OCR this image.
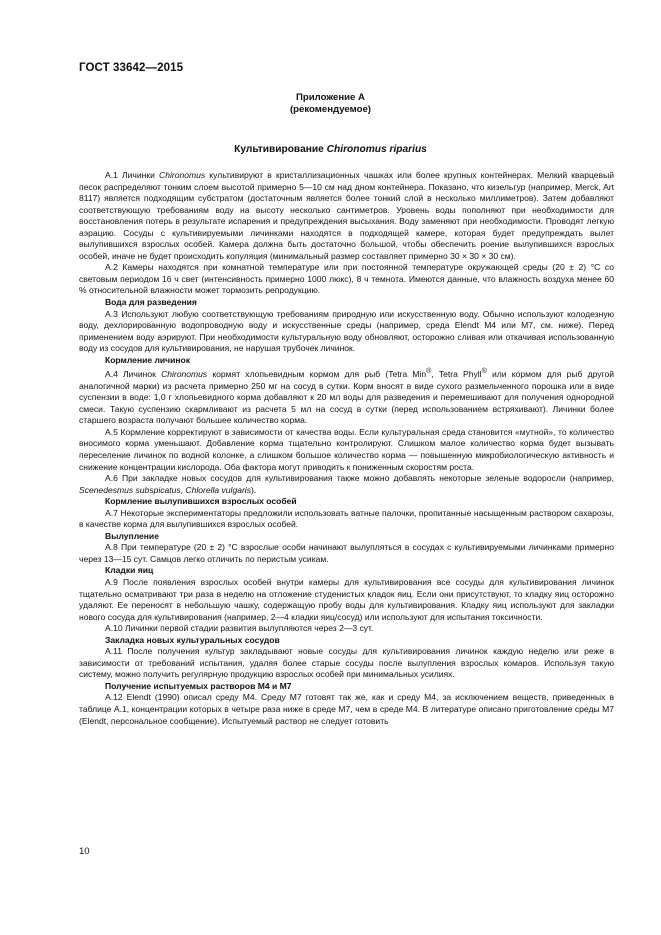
ГОСТ 33642—2015
Приложение А
(рекомендуемое)
Культивирование Chironomus riparius

А.1 Личинки Chironomus культивируют в кристаллизационных чашках или более крупных контейнерах. Мелкий кварцевый песок распределяют тонким слоем высотой примерно 5—10 см над дном контейнера. Показано, что кизельгур (например, Merck, Art 8117) является подходящим субстратом (достаточным является более тонкий слой в несколько миллиметров). Затем добавляют соответствующую требованиям воду на высоту несколько сантиметров. Уровень воды пополняют при необходимости для восстановления потерь в результате испарения и предупреждения высыхания. Воду заменяют при необходимости. Проводят легкую аэрацию. Сосуды с культивируемыми личинками находятся в подходящей камере, которая будет предупреждать вылет вылупившихся взрослых особей. Камера должна быть достаточно большой, чтобы обеспечить роение вылупившихся взрослых особей, иначе не будет происходить копуляция (минимальный размер составляет примерно 30 × 30 × 30 см).

А.2 Камеры находятся при комнатной температуре или при постоянной температуре окружающей среды (20 ± 2) °С со световым периодом 16 ч свет (интенсивность примерно 1000 люкс), 8 ч темнота. Имеются данные, что влажность воздуха менее 60 % относительной влажности может тормозить репродукцию.

Вода для разведения

А.3 Используют любую соответствующую требованиям природную или искусственную воду. Обычно используют колодезную воду, дехлорированную водопроводную воду и искусственные среды (например, среда Elendt M4 или M7, см. ниже). Перед применением воду аэрируют. При необходимости культуральную воду обновляют, осторожно сливая или откачивая использованную воду из сосудов для культивирования, не нарушая трубочек личинок.

Кормление личинок

А.4 Личинок Chironomus кормят хлопьевидным кормом для рыб (Tetra Min®, Tetra Phyll® или кормом для рыб другой аналогичной марки) из расчета примерно 250 мг на сосуд в сутки. Корм вносят в виде сухого размельченного порошка или в виде суспензии в воде: 1,0 г хлопьевидного корма добавляют к 20 мл воды для разведения и перемешивают для получения однородной смеси. Такую суспензию скармливают из расчета 5 мл на сосуд в сутки (перед использованием встряхивают). Личинки более старшего возраста получают большее количество корма.

А.5 Кормление корректируют в зависимости от качества воды. Если культуральная среда становится «мутной», то количество вносимого корма уменьшают. Добавление корма тщательно контролируют. Слишком малое количество корма будет вызывать переселение личинок по водной колонке, а слишком большое количество корма — повышенную микробиологическую активность и снижение концентрации кислорода. Оба фактора могут приводить к пониженным скоростям роста.

А.6 При закладке новых сосудов для культивирования также можно добавлять некоторые зеленые водоросли (например, Scenedesmus subspicatus, Chlorella vulgaris).

Кормление вылупившихся взрослых особей

А.7 Некоторые экспериментаторы предложили использовать ватные палочки, пропитанные насыщенным раствором сахарозы, в качестве корма для вылупившихся взрослых особей.

Вылупление

А.8 При температуре (20 ± 2) °С взрослые особи начинают вылупляться в сосудах с культивируемыми личинками примерно через 13—15 сут. Самцов легко отличить по перистым усикам.

Кладки яиц

А.9 После появления взрослых особей внутри камеры для культивирования все сосуды для культивирования личинок тщательно осматривают три раза в неделю на отложение студенистых кладок яиц. Если они присутствуют, то кладку яиц осторожно удаляют. Ее переносят в небольшую чашку, содержащую пробу воды для культивирования. Кладку яиц используют для закладки нового сосуда для культивирования (например, 2—4 кладки яиц/сосуд) или используют для испытания токсичности.

А.10 Личинки первой стадии развития вылупляются через 2—3 сут.

Закладка новых культуральных сосудов

А.11 После получения культур закладывают новые сосуды для культивирования личинок каждую неделю или реже в зависимости от требований испытания, удаляя более старые сосуды после вылупления взрослых комаров. Используя такую систему, можно получить регулярную продукцию взрослых особей при минимальных усилиях.

Получение испытуемых растворов М4 и М7

А.12 Elendt (1990) описал среду М4. Среду М7 готовят так же, как и среду М4, за исключением веществ, приведенных в таблице А.1, концентрации которых в четыре раза ниже в среде М7, чем в среде М4. В литературе описано приготовление среды М7 (Elendt, персональное сообщение). Испытуемый раствор не следует готовить

10
